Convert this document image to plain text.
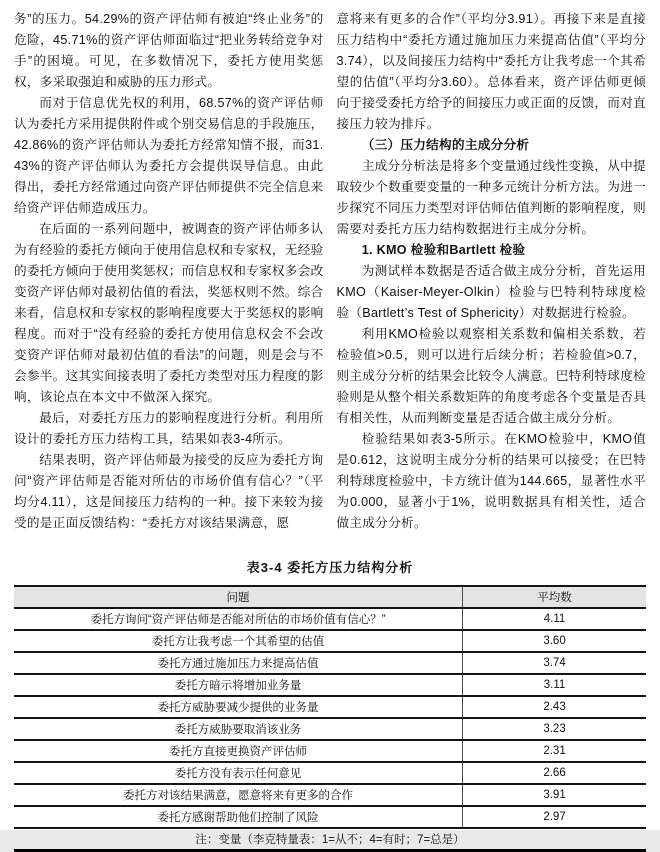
务”的压力。54.29%的资产评估师有被迫“终止业务”的危险，45.71%的资产评估师面临过“把业务转给竞争对手”的困境。可见，在多数情况下，委托方使用奖惩权，多采取强迫和威胁的压力形式。

而对于信息优先权的利用，68.57%的资产评估师认为委托方采用提供附件或个别交易信息的手段施压，42.86%的资产评估师认为委托方经常知情不报，而31.43%的资产评估师认为委托方会提供误导信息。由此得出，委托方经常通过向资产评估师提供不完全信息来给资产评估师造成压力。

在后面的一系列问题中，被调查的资产评估师多认为有经验的委托方倾向于使用信息权和专家权，无经验的委托方倾向于使用奖惩权；而信息权和专家权多会改变资产评估师对最初估值的看法，奖惩权则不然。综合来看，信息权和专家权的影响程度要大于奖惩权的影响程度。而对于“没有经验的委托方使用信息权会不会改变资产评估师对最初估值的看法”的问题，则是会与不会参半。这其实间接表明了委托方类型对压力程度的影响，该论点在本文中不做深入探究。

最后，对委托方压力的影响程度进行分析。利用所设计的委托方压力结构工具，结果如表3-4所示。

结果表明，资产评估师最为接受的反应为委托方询问“资产评估师是否能对所估的市场价值有信心？”（平均分4.11），这是间接压力结构的一种。接下来较为接受的是正面反馈结构：“委托方对该结果满意，愿

意将来有更多的合作”（平均分3.91）。再接下来是直接压力结构中“委托方通过施加压力来提高估值”（平均分3.74），以及间接压力结构中“委托方让我考虑一个其希望的估值”（平均分3.60）。总体看来，资产评估师更倾向于接受委托方给予的间接压力或正面的反馈，而对直接压力较为排斥。

（三）压力结构的主成分分析

主成分分析法是将多个变量通过线性变换，从中提取较少个数重要变量的一种多元统计分析方法。为进一步探究不同压力类型对评估师估值判断的影响程度，则需要对委托方压力结构数据进行主成分分析。

1. KMO 检验和Bartlett 检验

为测试样本数据是否适合做主成分分析，首先运用KMO（Kaiser-Meyer-Olkin）检验与巴特利特球度检验（Bartlett’s Test of Sphericity）对数据进行检验。

利用KMO检验以观察相关系数和偏相关系数，若检验值>0.5，则可以进行后续分析；若检验值>0.7，则主成分分析的结果会比较令人满意。巴特利特球度检验则是从整个相关系数矩阵的角度考虑各个变量是否具有相关性，从而判断变量是否适合做主成分分析。

检验结果如表3-5所示。在KMO检验中，KMO值是0.612，这说明主成分分析的结果可以接受；在巴特利特球度检验中，卡方统计值为144.665，显著性水平为0.000，显著小于1%，说明数据具有相关性，适合做主成分分析。

表3-4 委托方压力结构分析
问题	平均数
委托方询问“资产评估师是否能对所估的市场价值有信心？”	4.11
委托方让我考虑一个其希望的估值	3.60
委托方通过施加压力来提高估值	3.74
委托方暗示将增加业务量	3.11
委托方威胁要减少提供的业务量	2.43
委托方威胁要取消该业务	3.23
委托方直接更换资产评估师	2.31
委托方没有表示任何意见	2.66
委托方对该结果满意，愿意将来有更多的合作	3.91
委托方感谢帮助他们控制了风险	2.97
注：变量（李克特量表：1=从不；4=有时；7=总是）	
